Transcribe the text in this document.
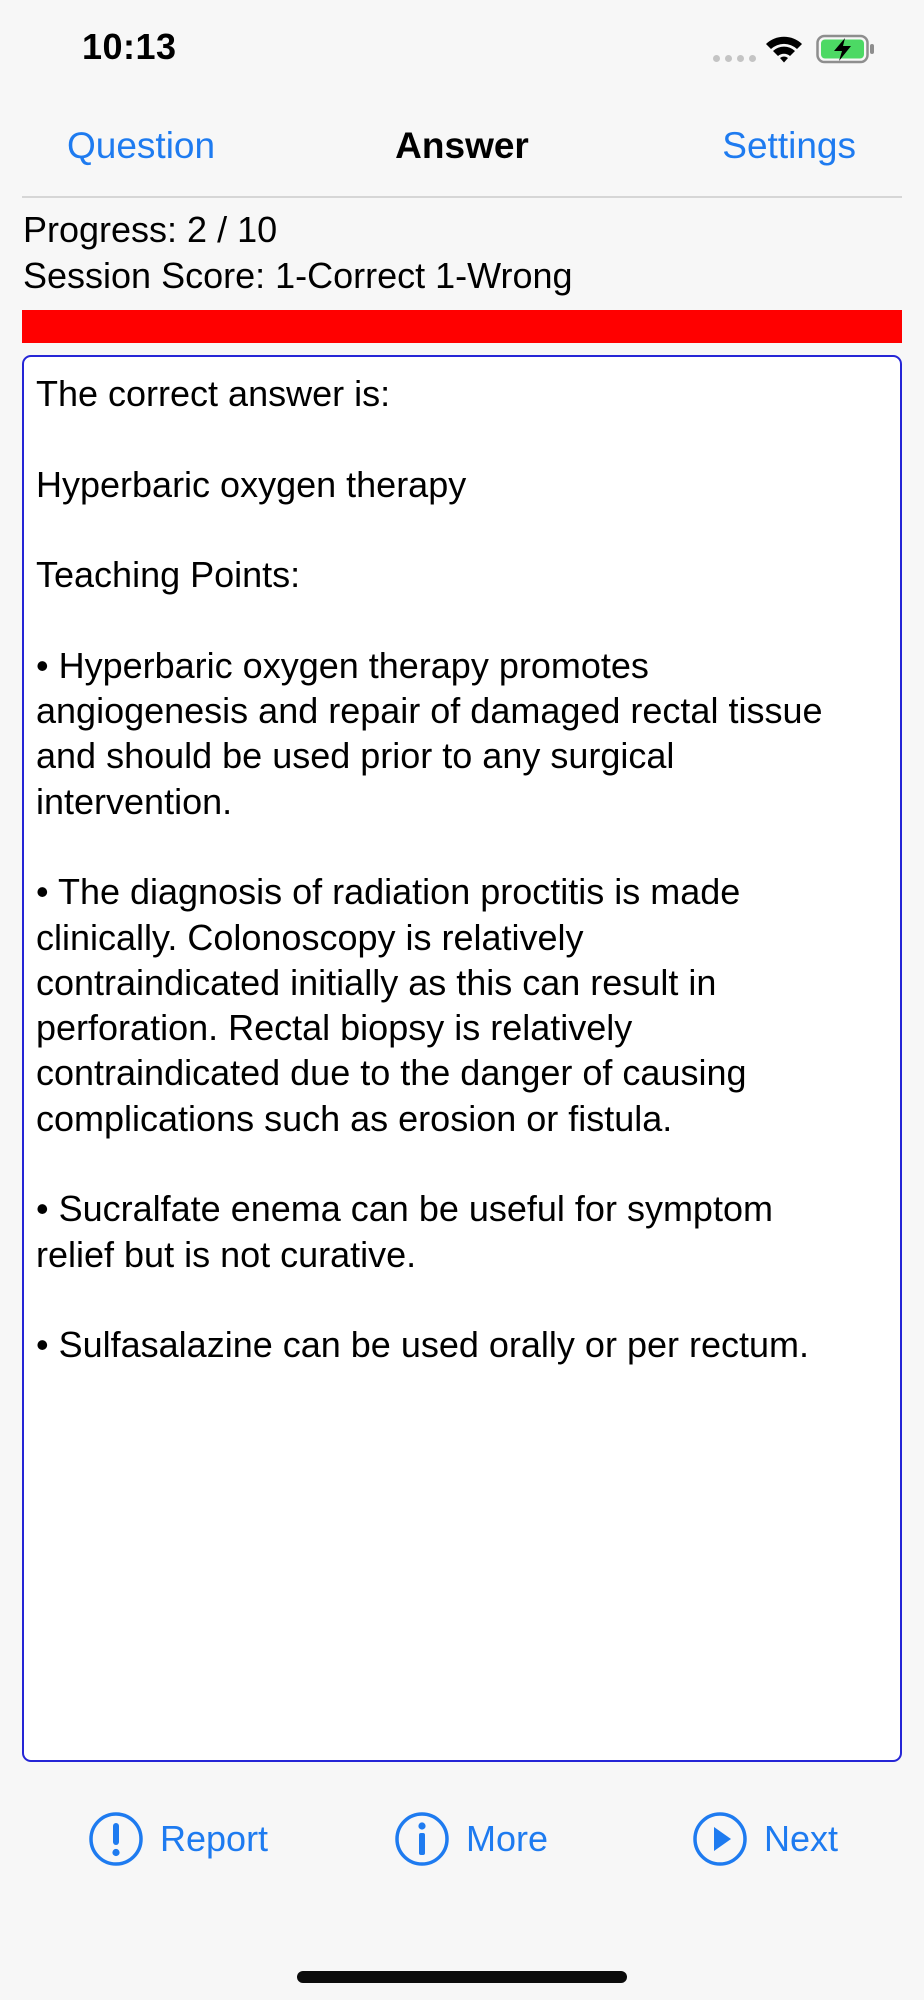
10:13
Question	Answer	Settings
Progress: 2 / 10
Session Score: 1-Correct 1-Wrong
The correct answer is:

Hyperbaric oxygen therapy

Teaching Points:

• Hyperbaric oxygen therapy promotes
angiogenesis and repair of damaged rectal tissue
and should be used prior to any surgical
intervention.

• The diagnosis of radiation proctitis is made
clinically. Colonoscopy is relatively
contraindicated initially as this can result in
perforation. Rectal biopsy is relatively
contraindicated due to the danger of causing
complications such as erosion or fistula.

• Sucralfate enema can be useful for symptom
relief but is not curative.

• Sulfasalazine can be used orally or per rectum.
Report	More	Next
